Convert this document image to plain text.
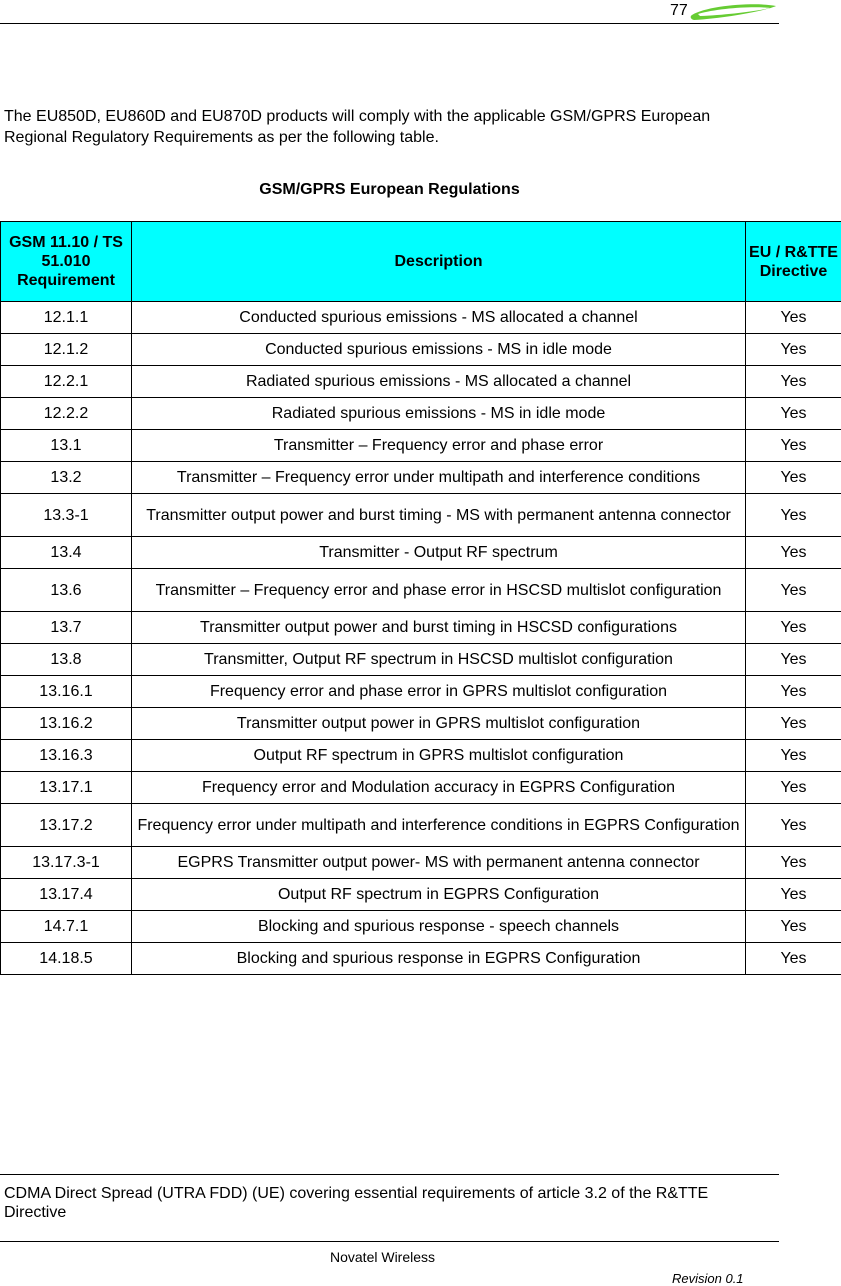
77
The EU850D, EU860D and EU870D products will comply with the applicable GSM/GPRS European Regional Regulatory Requirements as per the following table.
GSM/GPRS European Regulations
GSM 11.10 / TS 51.010 Requirement	Description	EU / R&TTE Directive
12.1.1	Conducted spurious emissions - MS allocated a channel	Yes
12.1.2	Conducted spurious emissions - MS in idle mode	Yes
12.2.1	Radiated spurious emissions - MS allocated a channel	Yes
12.2.2	Radiated spurious emissions - MS in idle mode	Yes
13.1	Transmitter – Frequency error and phase error	Yes
13.2	Transmitter – Frequency error under multipath and interference conditions	Yes
13.3-1	Transmitter output power and burst timing - MS with permanent antenna connector	Yes
13.4	Transmitter - Output RF spectrum	Yes
13.6	Transmitter – Frequency error and phase error in HSCSD multislot configuration	Yes
13.7	Transmitter output power and burst timing in HSCSD configurations	Yes
13.8	Transmitter, Output RF spectrum in HSCSD multislot configuration	Yes
13.16.1	Frequency error and phase error in GPRS multislot configuration	Yes
13.16.2	Transmitter output power in GPRS multislot configuration	Yes
13.16.3	Output RF spectrum in GPRS multislot configuration	Yes
13.17.1	Frequency error and Modulation accuracy in EGPRS Configuration	Yes
13.17.2	Frequency error under multipath and interference conditions in EGPRS Configuration	Yes
13.17.3-1	EGPRS Transmitter output power- MS with permanent antenna connector	Yes
13.17.4	Output RF spectrum in EGPRS Configuration	Yes
14.7.1	Blocking and spurious response - speech channels	Yes
14.18.5	Blocking and spurious response in EGPRS Configuration	Yes
CDMA Direct Spread (UTRA FDD) (UE) covering essential requirements of article 3.2 of the R&TTE Directive
Novatel Wireless
Revision 0.1
